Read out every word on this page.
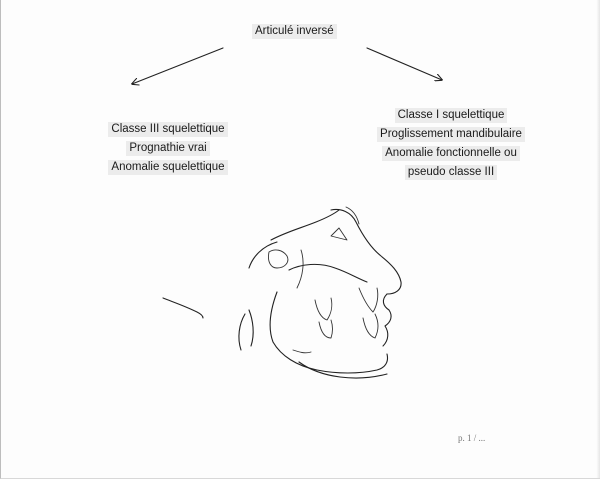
Articulé inversé
Classe III squelettique
Prognathie vrai
Anomalie squelettique
Classe I squelettique
Proglissement mandibulaire
Anomalie fonctionnelle ou
pseudo classe III
p. 1 / ...
